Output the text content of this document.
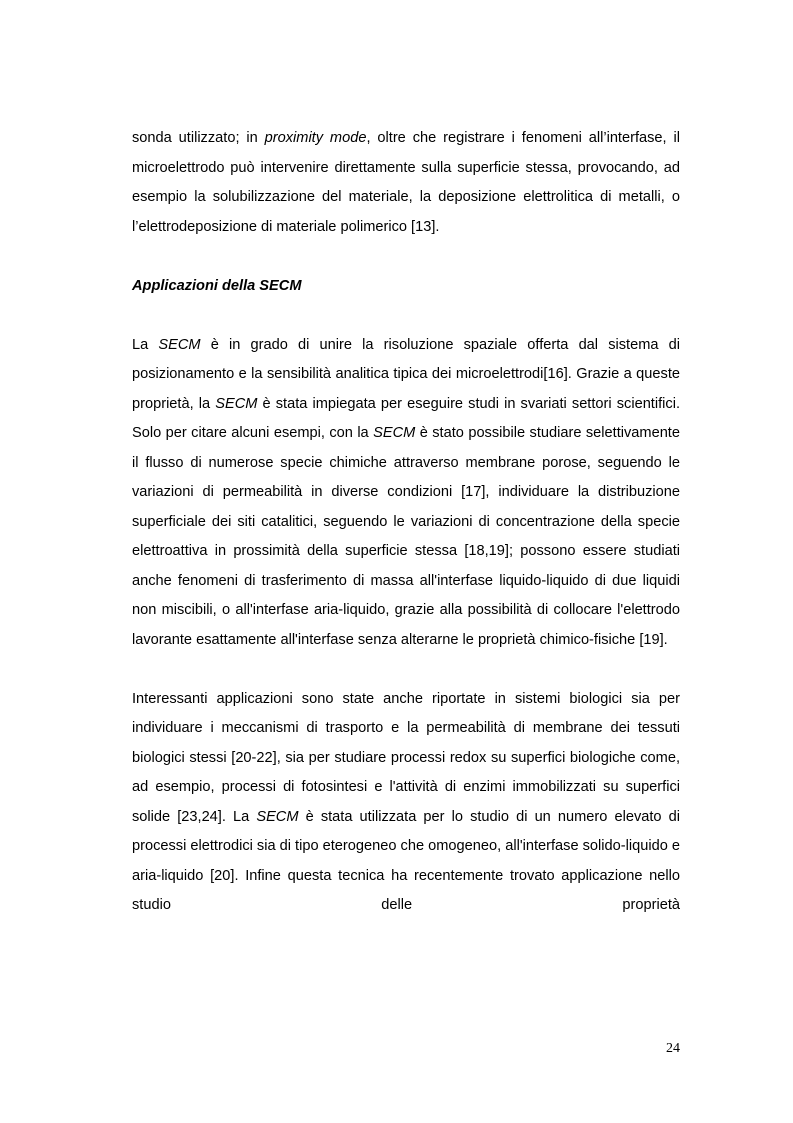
sonda utilizzato; in proximity mode, oltre che registrare i fenomeni all’interfase, il microelettrodo può intervenire direttamente sulla superficie stessa, provocando, ad esempio la solubilizzazione del materiale, la deposizione elettrolitica di metalli, o l’elettrodeposizione di materiale polimerico [13].

Applicazioni della SECM

La SECM è in grado di unire la risoluzione spaziale offerta dal sistema di posizionamento e la sensibilità analitica tipica dei microelettrodi[16]. Grazie a queste proprietà, la SECM è stata impiegata per eseguire studi in svariati settori scientifici. Solo per citare alcuni esempi, con la SECM è stato possibile studiare selettivamente il flusso di numerose specie chimiche attraverso membrane porose, seguendo le variazioni di permeabilità in diverse condizioni [17], individuare la distribuzione superficiale dei siti catalitici, seguendo le variazioni di concentrazione della specie elettroattiva in prossimità della superficie stessa [18,19]; possono essere studiati anche fenomeni di trasferimento di massa all'interfase liquido-liquido di due liquidi non miscibili, o all'interfase aria-liquido, grazie alla possibilità di collocare l'elettrodo lavorante esattamente all'interfase senza alterarne le proprietà chimico-fisiche [19].

Interessanti applicazioni sono state anche riportate in sistemi biologici sia per individuare i meccanismi di trasporto e la permeabilità di membrane dei tessuti biologici stessi [20-22], sia per studiare processi redox su superfici biologiche come, ad esempio, processi di fotosintesi e l'attività di enzimi immobilizzati su superfici solide [23,24]. La SECM è stata utilizzata per lo studio di un numero elevato di processi elettrodici sia di tipo eterogeneo che omogeneo, all'interfase solido-liquido e aria-liquido [20]. Infine questa tecnica ha recentemente trovato applicazione nello studio delle proprietà

24
